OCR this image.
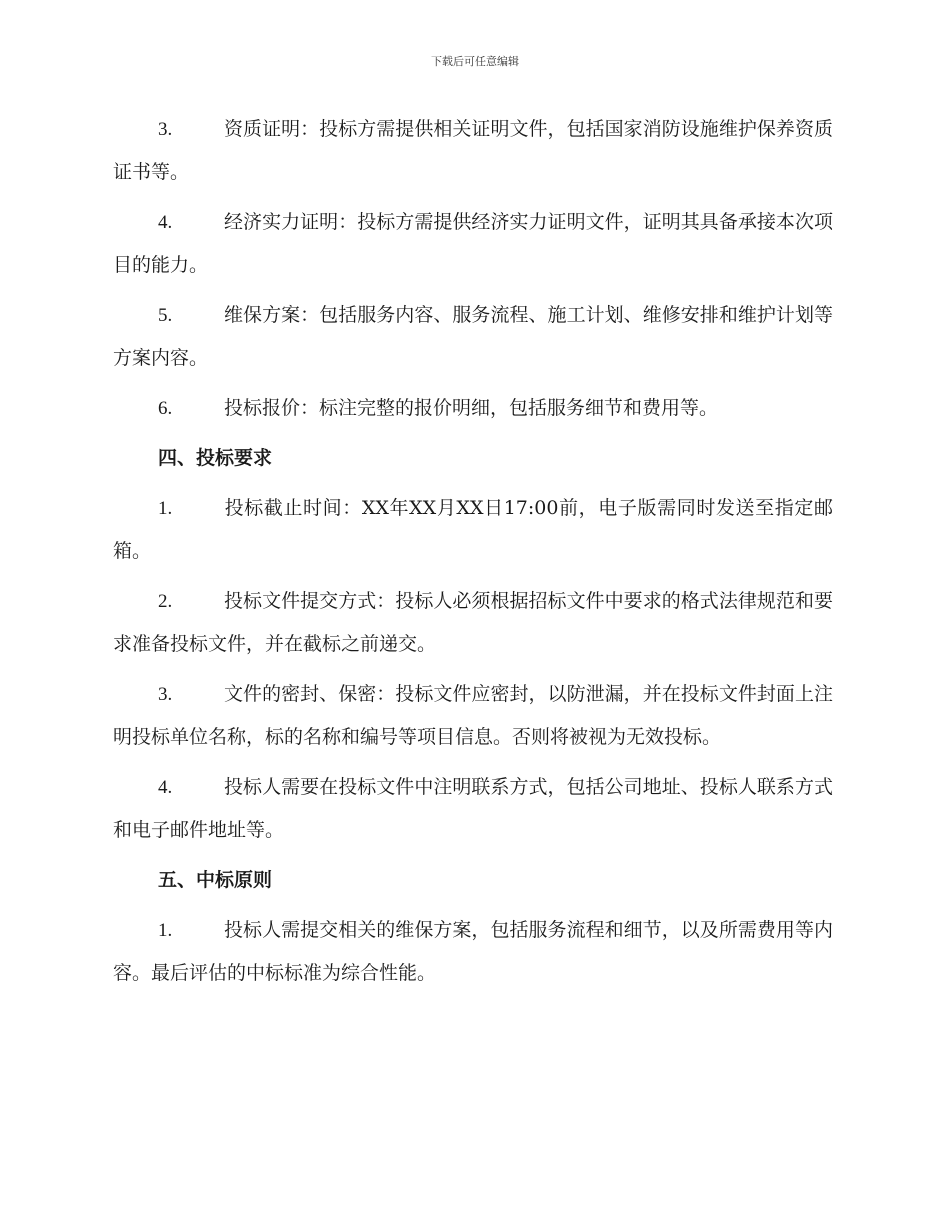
下载后可任意编辑

3.	资质证明：投标方需提供相关证明文件，包括国家消防设施维护保养资质证书等。

4.	经济实力证明：投标方需提供经济实力证明文件，证明其具备承接本次项目的能力。

5.	维保方案：包括服务内容、服务流程、施工计划、维修安排和维护计划等方案内容。

6.	投标报价：标注完整的报价明细，包括服务细节和费用等。

四、投标要求

1.	投标截止时间：XX年XX月XX日17:00前，电子版需同时发送至指定邮箱。

2.	投标文件提交方式：投标人必须根据招标文件中要求的格式法律规范和要求准备投标文件，并在截标之前递交。

3.	文件的密封、保密：投标文件应密封，以防泄漏，并在投标文件封面上注明投标单位名称，标的名称和编号等项目信息。否则将被视为无效投标。

4.	投标人需要在投标文件中注明联系方式，包括公司地址、投标人联系方式和电子邮件地址等。

五、中标原则

1.	投标人需提交相关的维保方案，包括服务流程和细节，以及所需费用等内容。最后评估的中标标准为综合性能。
